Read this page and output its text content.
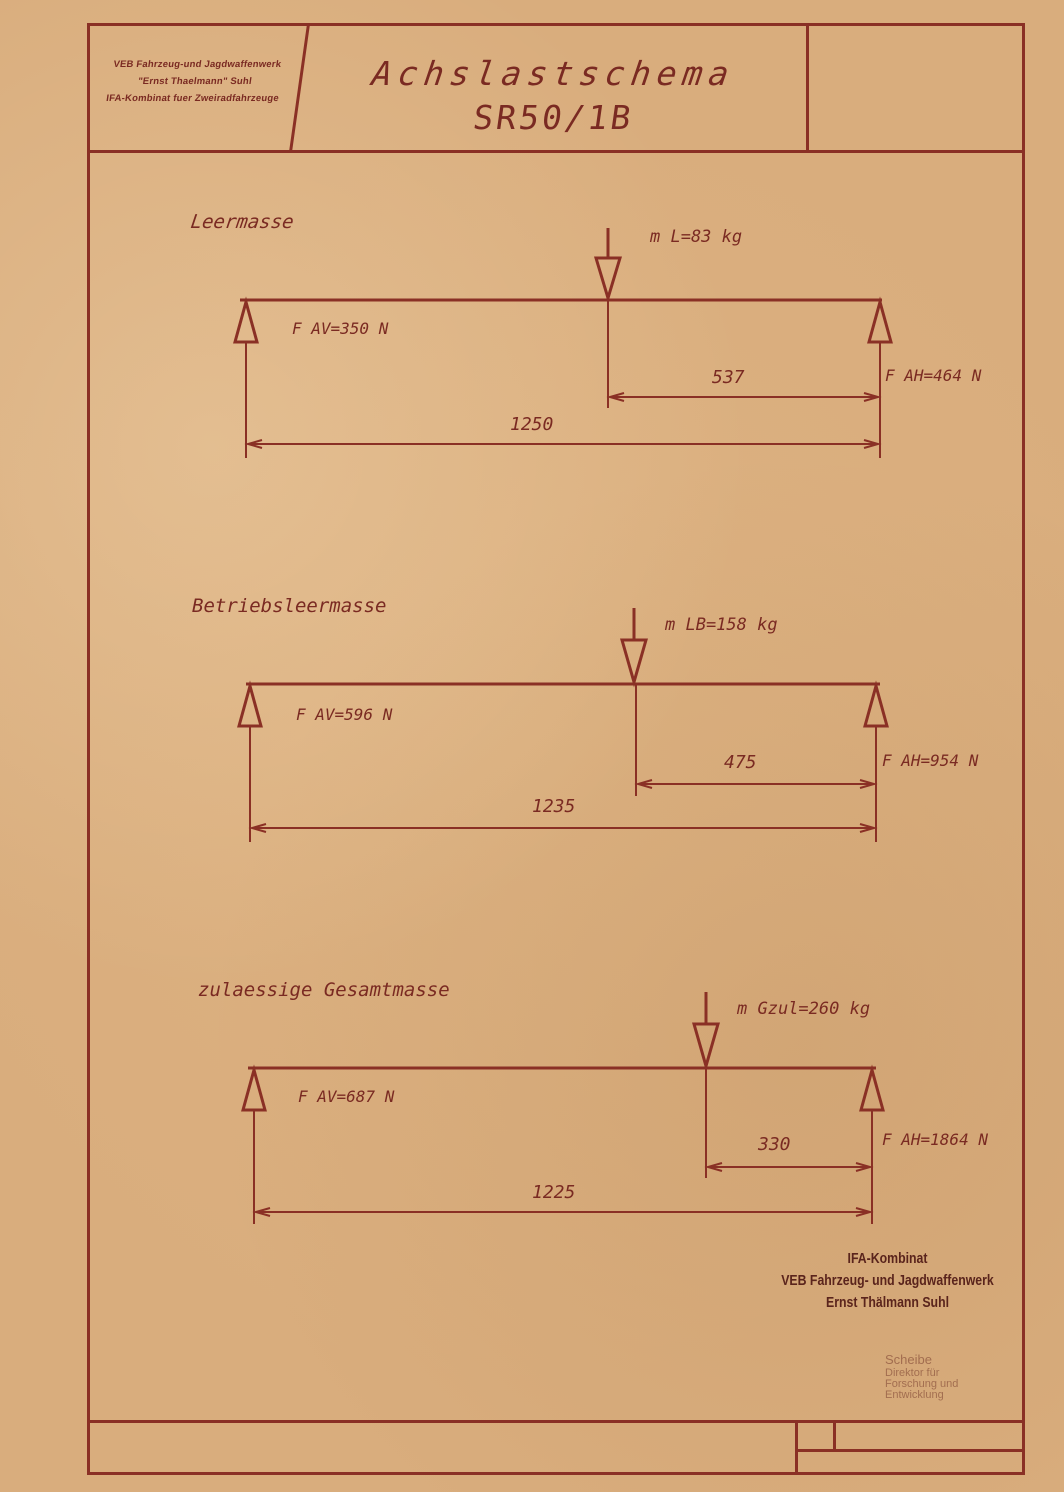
VEB Fahrzeug-und Jagdwaffenwerk
"Ernst Thaelmann" Suhl
IFA-Kombinat fuer Zweiradfahrzeuge
Achslastschema
SR50/1B
Leermasse
m L=83 kg
F AV=350 N
F AH=464 N
537
1250
Betriebsleermasse
m LB=158 kg
F AV=596 N
F AH=954 N
475
1235
zulaessige Gesamtmasse
m Gzul=260 kg
F AV=687 N
F AH=1864 N
330
1225
IFA-Kombinat
VEB Fahrzeug- und Jagdwaffenwerk
Ernst Thälmann Suhl
Scheibe
Direktor für
Forschung und
Entwicklung
